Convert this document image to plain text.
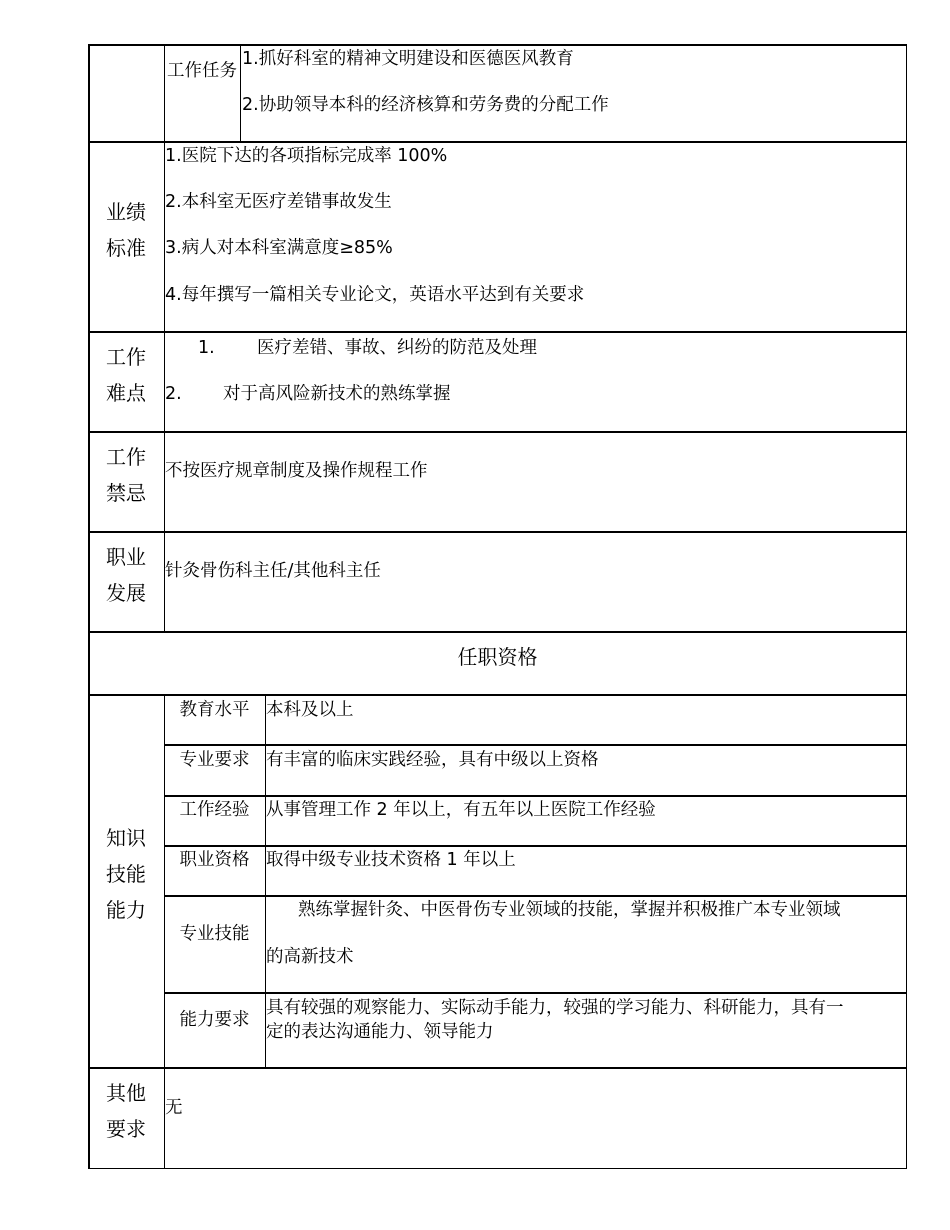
工作任务
1.抓好科室的精神文明建设和医德医风教育
2.协助领导本科的经济核算和劳务费的分配工作
业绩
标准
1.医院下达的各项指标完成率 100%
2.本科室无医疗差错事故发生
3.病人对本科室满意度≥85%
4.每年撰写一篇相关专业论文，英语水平达到有关要求
工作
难点
1. 医疗差错、事故、纠纷的防范及处理
2. 对于高风险新技术的熟练掌握
工作
禁忌
不按医疗规章制度及操作规程工作
职业
发展
针灸骨伤科主任/其他科主任
任职资格
知识
技能
能力
教育水平 本科及以上
专业要求 有丰富的临床实践经验，具有中级以上资格
工作经验 从事管理工作 2 年以上，有五年以上医院工作经验
职业资格 取得中级专业技术资格 1 年以上
专业技能
熟练掌握针灸、中医骨伤专业领域的技能，掌握并积极推广本专业领域
的高新技术
能力要求
具有较强的观察能力、实际动手能力，较强的学习能力、科研能力，具有一
定的表达沟通能力、领导能力
其他
要求
无
